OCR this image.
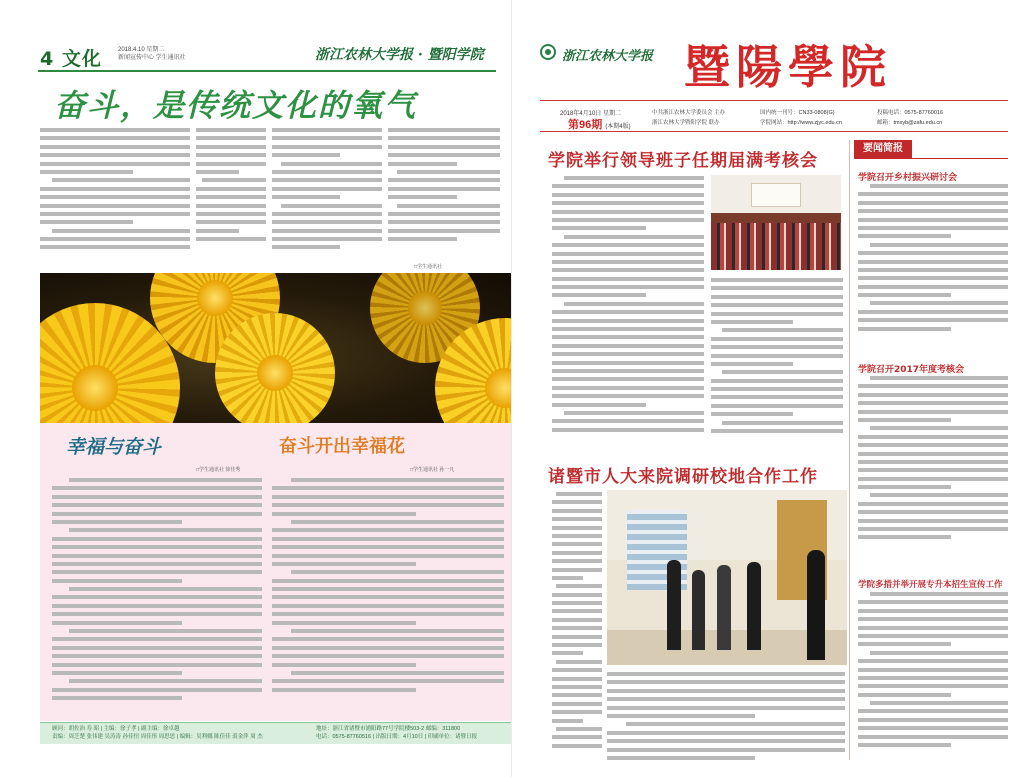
4 文化	2018.4.10 星期二
新闻宣传中心 学生通讯社	浙江农林大学报 · 暨阳学院
奋斗，是传统文化的氧气
□学生通讯社
幸福与奋斗	奋斗开出幸福花
□学生通讯社 徐佳秀	□学生通讯社 孙一凡
顾问：胡佐治 寿 昭 | 主编：徐子孝 | 副主编：徐卓越
责编：周芝楚 张伟建 吴涛涛 孙佳恒 周佳彤 周思思 | 编辑：吴利娜 陈佳佳 裘金萍 周 杰
地址：浙江省诸暨市浦阳路77号学院楼503-2 邮编：311800
电话：0575-87760516 | 出版日期：4月10日 | 印刷单位：诸暨日报
浙江农林大学报 暨陽學院
2018年4月10日 星期二
第96期 (本期4版)
中共浙江农林大学委员会 主办
浙江农林大学暨阳学院 联办
国内统一刊号：CN33-0808(G)
学院网站：http://www.zjyc.edu.cn
投稿电话：0575-87760016
邮箱：tmxyb@zafu.edu.cn
学院举行领导班子任期届满考核会
诸暨市人大来院调研校地合作工作
要闻简报
学院召开乡村振兴研讨会
学院召开2017年度考核会
学院多措并举开展专升本招生宣传工作
